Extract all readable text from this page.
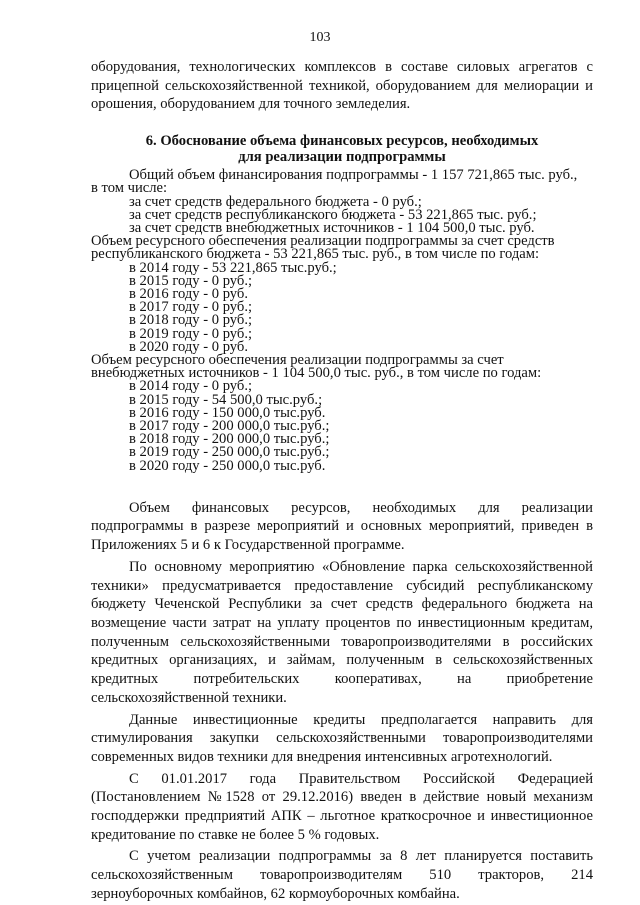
103

оборудования, технологических комплексов в составе силовых агрегатов с прицепной сельскохозяйственной техникой, оборудованием для мелиорации и орошения, оборудованием для точного земледелия.

6. Обоснование объема финансовых ресурсов, необходимых
для реализации подпрограммы

Общий объем финансирования подпрограммы - 1 157 721,865 тыс. руб.,

в том числе:

за счет средств федерального бюджета - 0 руб.;
за счет средств республиканского бюджета - 53 221,865 тыс. руб.;
за счет средств внебюджетных источников - 1 104 500,0 тыс. руб.

Объем ресурсного обеспечения реализации подпрограммы за счет средств

республиканского бюджета - 53 221,865 тыс. руб., в том числе по годам:

в 2014 году - 53 221,865 тыс.руб.;
в 2015 году - 0 руб.;
в 2016 году - 0 руб.
в 2017 году - 0 руб.;
в 2018 году - 0 руб.;
в 2019 году - 0 руб.;
в 2020 году - 0 руб.

Объем ресурсного обеспечения реализации подпрограммы за счет

внебюджетных источников - 1 104 500,0 тыс. руб., в том числе по годам:

в 2014 году - 0 руб.;
в 2015 году - 54 500,0 тыс.руб.;
в 2016 году - 150 000,0 тыс.руб.
в 2017 году - 200 000,0 тыс.руб.;
в 2018 году - 200 000,0 тыс.руб.;
в 2019 году - 250 000,0 тыс.руб.;
в 2020 году - 250 000,0 тыс.руб.

Объем финансовых ресурсов, необходимых для реализации подпрограммы в разрезе мероприятий и основных мероприятий, приведен в Приложениях 5 и 6 к Государственной программе.

По основному мероприятию «Обновление парка сельскохозяйственной техники» предусматривается предоставление субсидий республиканскому бюджету Чеченской Республики за счет средств федерального бюджета на возмещение части затрат на уплату процентов по инвестиционным кредитам, полученным сельскохозяйственными товаропроизводителями в российских кредитных организациях, и займам, полученным в сельскохозяйственных кредитных потребительских кооперативах, на приобретение сельскохозяйственной техники.

Данные инвестиционные кредиты предполагается направить для стимулирования закупки сельскохозяйственными товаропроизводителями современных видов техники для внедрения интенсивных агротехнологий.

С 01.01.2017 года Правительством Российской Федерацией (Постановлением №1528 от 29.12.2016) введен в действие новый механизм господдержки предприятий АПК – льготное краткосрочное и инвестиционное кредитование по ставке не более 5 % годовых.

С учетом реализации подпрограммы за 8 лет планируется поставить сельскохозяйственным товаропроизводителям 510 тракторов, 214 зерноуборочных комбайнов, 62 кормоуборочных комбайна.
